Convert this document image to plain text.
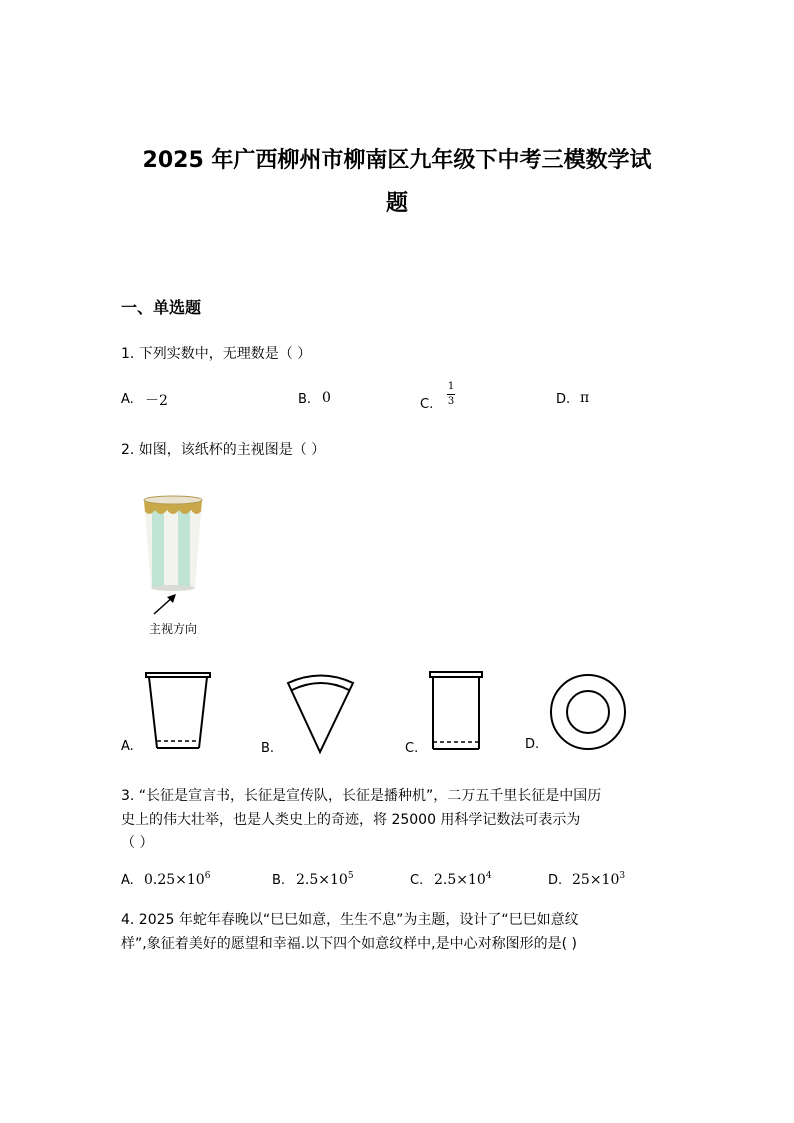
2025 年广西柳州市柳南区九年级下中考三模数学试
题
一、单选题
1. 下列实数中，无理数是（ ）
A. －2	B. 0	C.
1
3	D. π
2. 如图，该纸杯的主视图是（ ）
主视方向
A.	B.	C.	D.
3. “长征是宣言书，长征是宣传队，长征是播种机”，二万五千里长征是中国历
史上的伟大壮举，也是人类史上的奇迹，将 25000 用科学记数法可表示为
（ ）
A. $0.25\times 10^6$	B. $2.5\times 10^5$	C. $2.5\times 10^4$	D. $25\times 10^3$
4. 2025 年蛇年春晚以“巳巳如意，生生不息”为主题，设计了“巳巳如意纹
样”,象征着美好的愿望和幸福.以下四个如意纹样中,是中心对称图形的是( )
